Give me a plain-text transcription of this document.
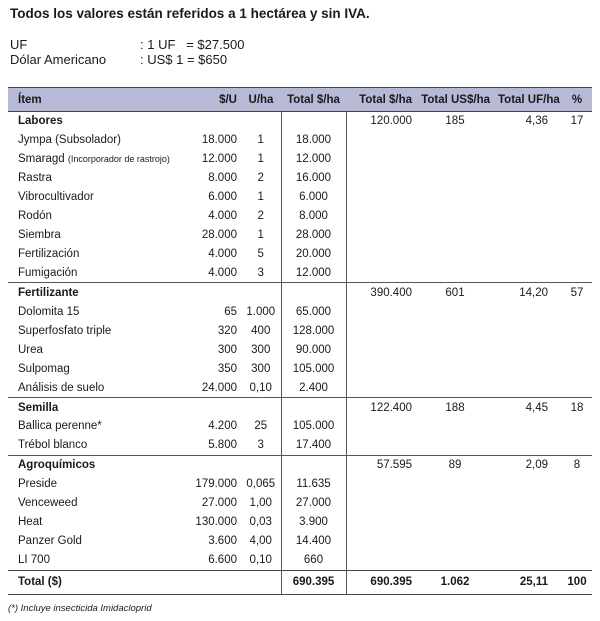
Todos los valores están referidos a 1 hectárea y sin IVA.
UF	: 1 UF   = $27.500
Dólar Americano	: US$ 1 = $650
Ítem	$/U	U/ha	Total $/ha	Total $/ha	Total US$/ha	Total UF/ha	%
Labores				120.000	185	4,36	17
Jympa (Subsolador)	18.000	1	18.000				
Smaragd (Incorporador de rastrojo)	12.000	1	12.000				
Rastra	8.000	2	16.000				
Vibrocultivador	6.000	1	6.000				
Rodón	4.000	2	8.000				
Siembra	28.000	1	28.000				
Fertilización	4.000	5	20.000				
Fumigación	4.000	3	12.000				
Fertilizante				390.400	601	14,20	57
Dolomita 15	65	1.000	65.000				
Superfosfato triple	320	400	128.000				
Urea	300	300	90.000				
Sulpomag	350	300	105.000				
Análisis de suelo	24.000	0,10	2.400				
Semilla				122.400	188	4,45	18
Ballica perenne*	4.200	25	105.000				
Trébol blanco	5.800	3	17.400				
Agroquímicos				57.595	89	2,09	8
Preside	179.000	0,065	11.635				
Venceweed	27.000	1,00	27.000				
Heat	130.000	0,03	3.900				
Panzer Gold	3.600	4,00	14.400				
LI 700	6.600	0,10	660				
Total ($)			690.395	690.395	1.062	25,11	100
(*) Incluye insecticida Imidacloprid
